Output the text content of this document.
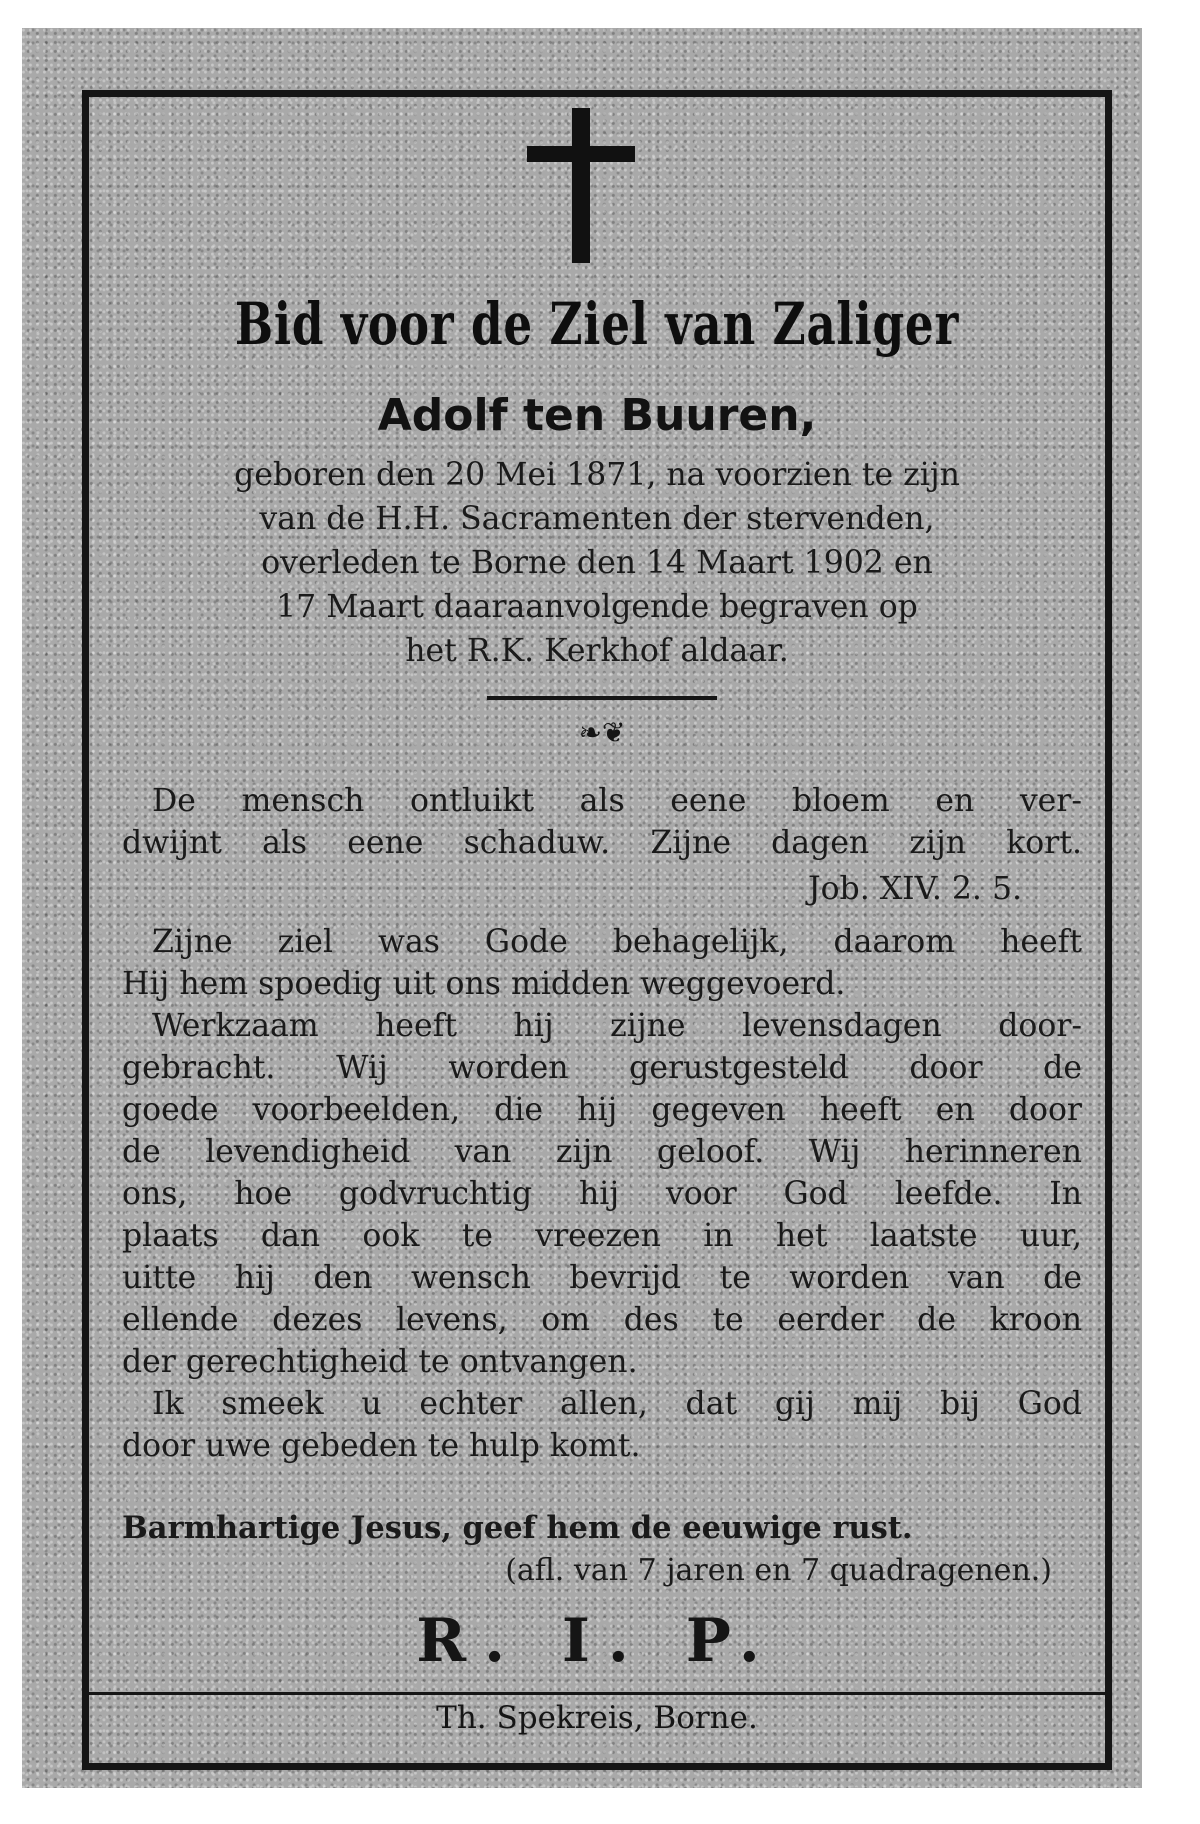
Bid voor de Ziel van Zaliger
Adolf ten Buuren,
geboren den 20 Mei 1871, na voorzien te zijn
van de H.H. Sacramenten der stervenden,
overleden te Borne den 14 Maart 1902 en
17 Maart daaraanvolgende begraven op
het R.K. Kerkhof aldaar.
❧❦
De mensch ontluikt als eene bloem en ver-
dwijnt als eene schaduw. Zijne dagen zijn kort.
Job. XIV. 2. 5.
Zijne ziel was Gode behagelijk, daarom heeft
Hij hem spoedig uit ons midden weggevoerd.
Werkzaam heeft hij zijne levensdagen door-
gebracht. Wij worden gerustgesteld door de
goede voorbeelden, die hij gegeven heeft en door
de levendigheid van zijn geloof. Wij herinneren
ons, hoe godvruchtig hij voor God leefde. In
plaats dan ook te vreezen in het laatste uur,
uitte hij den wensch bevrijd te worden van de
ellende dezes levens, om des te eerder de kroon
der gerechtigheid te ontvangen.
Ik smeek u echter allen, dat gij mij bij God
door uwe gebeden te hulp komt.
Barmhartige Jesus, geef hem de eeuwige rust.
(afl. van 7 jaren en 7 quadragenen.)
R. I. P.
Th. Spekreis, Borne.
